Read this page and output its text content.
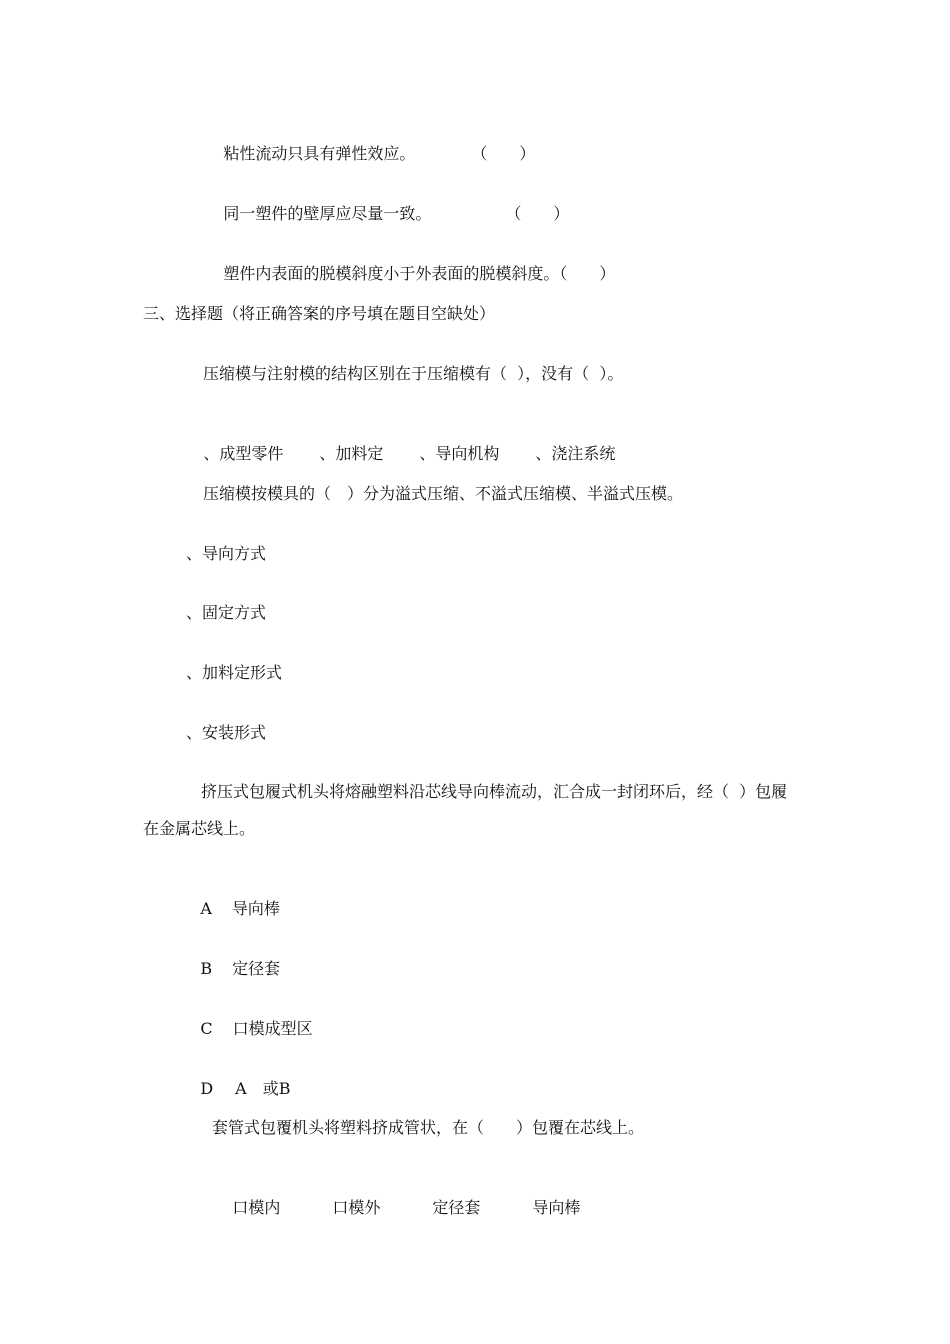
粘性流动只具有弹性效应。	（　　）

同一塑件的壁厚应尽量一致。	（　　）

塑件内表面的脱模斜度小于外表面的脱模斜度。（　　）

三、选择题（将正确答案的序号填在题目空缺处）
压缩模与注射模的结构区别在于压缩模有（  ），没有（  ）。

、成型零件 、加料定 、导向机构 、浇注系统

压缩模按模具的（　）分为溢式压缩、不溢式压缩模、半溢式压模。
、导向方式
、固定方式
、加料定形式
、安装形式
挤压式包履式机头将熔融塑料沿芯线导向棒流动，汇合成一封闭环后，经（  ）包履
在金属芯线上。

A 导向棒

B 定径套

C 口模成型区

D A　或B

套管式包覆机头将塑料挤成管状，在（　　）包覆在芯线上。

口模内	口模外	定径套	导向棒
